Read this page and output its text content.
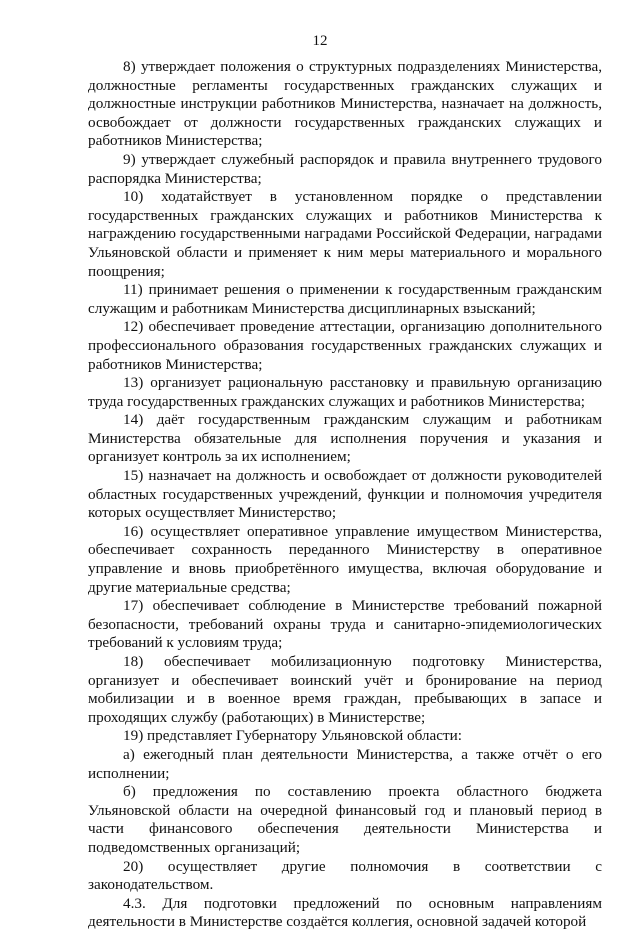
12

8) утверждает положения о структурных подразделениях Министерства, должностные регламенты государственных гражданских служащих и должностные инструкции работников Министерства, назначает на должность, освобождает от должности государственных гражданских служащих и работников Министерства;

9) утверждает служебный распорядок и правила внутреннего трудового распорядка Министерства;

10) ходатайствует в установленном порядке о представлении государственных гражданских служащих и работников Министерства к награждению государственными наградами Российской Федерации, наградами Ульяновской области и применяет к ним меры материального и морального поощрения;

11) принимает решения о применении к государственным гражданским служащим и работникам Министерства дисциплинарных взысканий;

12) обеспечивает проведение аттестации, организацию дополнительного профессионального образования государственных гражданских служащих и работников Министерства;

13) организует рациональную расстановку и правильную организацию труда государственных гражданских служащих и работников Министерства;

14) даёт государственным гражданским служащим и работникам Министерства обязательные для исполнения поручения и указания и организует контроль за их исполнением;

15) назначает на должность и освобождает от должности руководителей областных государственных учреждений, функции и полномочия учредителя которых осуществляет Министерство;

16) осуществляет оперативное управление имуществом Министерства, обеспечивает сохранность переданного Министерству в оперативное управление и вновь приобретённого имущества, включая оборудование и другие материальные средства;

17) обеспечивает соблюдение в Министерстве требований пожарной безопасности, требований охраны труда и санитарно-эпидемиологических требований к условиям труда;

18) обеспечивает мобилизационную подготовку Министерства, организует и обеспечивает воинский учёт и бронирование на период мобилизации и в военное время граждан, пребывающих в запасе и проходящих службу (работающих) в Министерстве;

19) представляет Губернатору Ульяновской области:

а) ежегодный план деятельности Министерства, а также отчёт о его исполнении;

б) предложения по составлению проекта областного бюджета Ульяновской области на очередной финансовый год и плановый период в части финансового обеспечения деятельности Министерства и подведомственных организаций;

20) осуществляет другие полномочия в соответствии с законодательством.

4.3. Для подготовки предложений по основным направлениям деятельности в Министерстве создаётся коллегия, основной задачей которой
